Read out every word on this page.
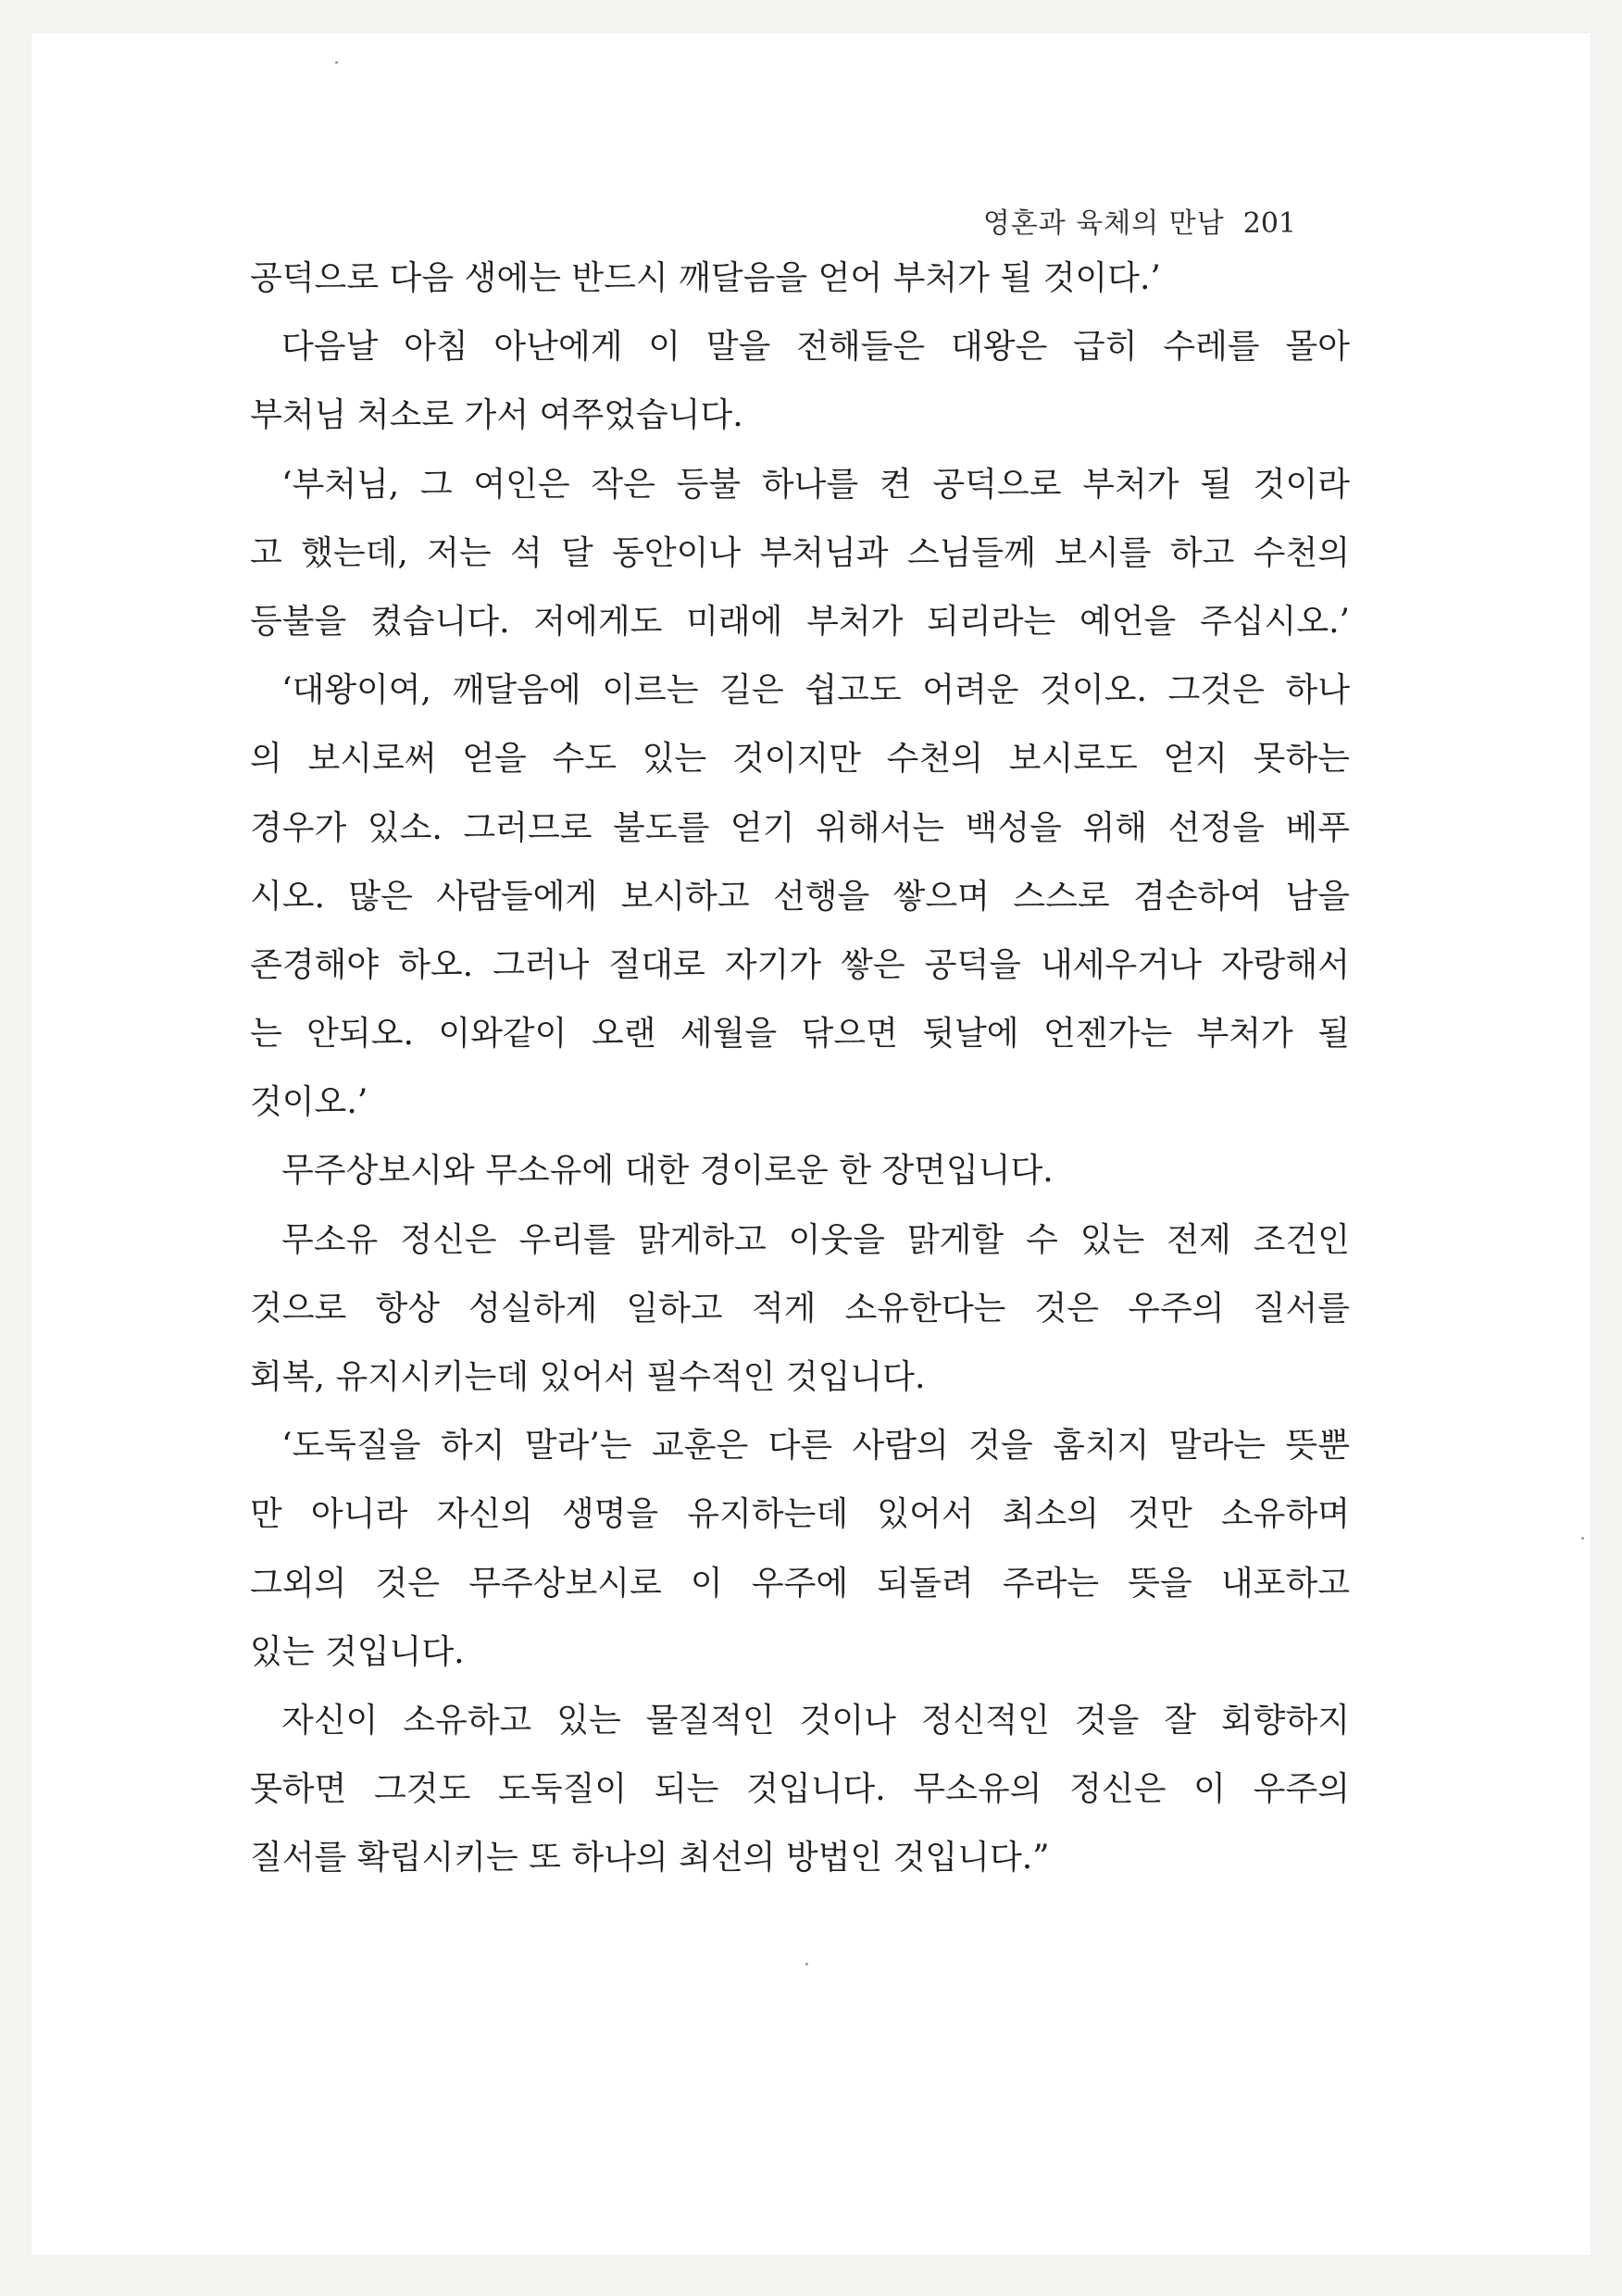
영혼과 육체의 만남 201
공덕으로 다음 생에는 반드시 깨달음을 얻어 부처가 될 것이다.’
다음날 아침 아난에게 이 말을 전해들은 대왕은 급히 수레를 몰아
부처님 처소로 가서 여쭈었습니다.
‘부처님, 그 여인은 작은 등불 하나를 켠 공덕으로 부처가 될 것이라
고 했는데, 저는 석 달 동안이나 부처님과 스님들께 보시를 하고 수천의
등불을 켰습니다. 저에게도 미래에 부처가 되리라는 예언을 주십시오.’
‘대왕이여, 깨달음에 이르는 길은 쉽고도 어려운 것이오. 그것은 하나
의 보시로써 얻을 수도 있는 것이지만 수천의 보시로도 얻지 못하는
경우가 있소. 그러므로 불도를 얻기 위해서는 백성을 위해 선정을 베푸
시오. 많은 사람들에게 보시하고 선행을 쌓으며 스스로 겸손하여 남을
존경해야 하오. 그러나 절대로 자기가 쌓은 공덕을 내세우거나 자랑해서
는 안되오. 이와같이 오랜 세월을 닦으면 뒷날에 언젠가는 부처가 될
것이오.’
무주상보시와 무소유에 대한 경이로운 한 장면입니다.
무소유 정신은 우리를 맑게하고 이웃을 맑게할 수 있는 전제 조건인
것으로 항상 성실하게 일하고 적게 소유한다는 것은 우주의 질서를
회복, 유지시키는데 있어서 필수적인 것입니다.
‘도둑질을 하지 말라’는 교훈은 다른 사람의 것을 훔치지 말라는 뜻뿐
만 아니라 자신의 생명을 유지하는데 있어서 최소의 것만 소유하며
그외의 것은 무주상보시로 이 우주에 되돌려 주라는 뜻을 내포하고
있는 것입니다.
자신이 소유하고 있는 물질적인 것이나 정신적인 것을 잘 회향하지
못하면 그것도 도둑질이 되는 것입니다. 무소유의 정신은 이 우주의
질서를 확립시키는 또 하나의 최선의 방법인 것입니다.”
